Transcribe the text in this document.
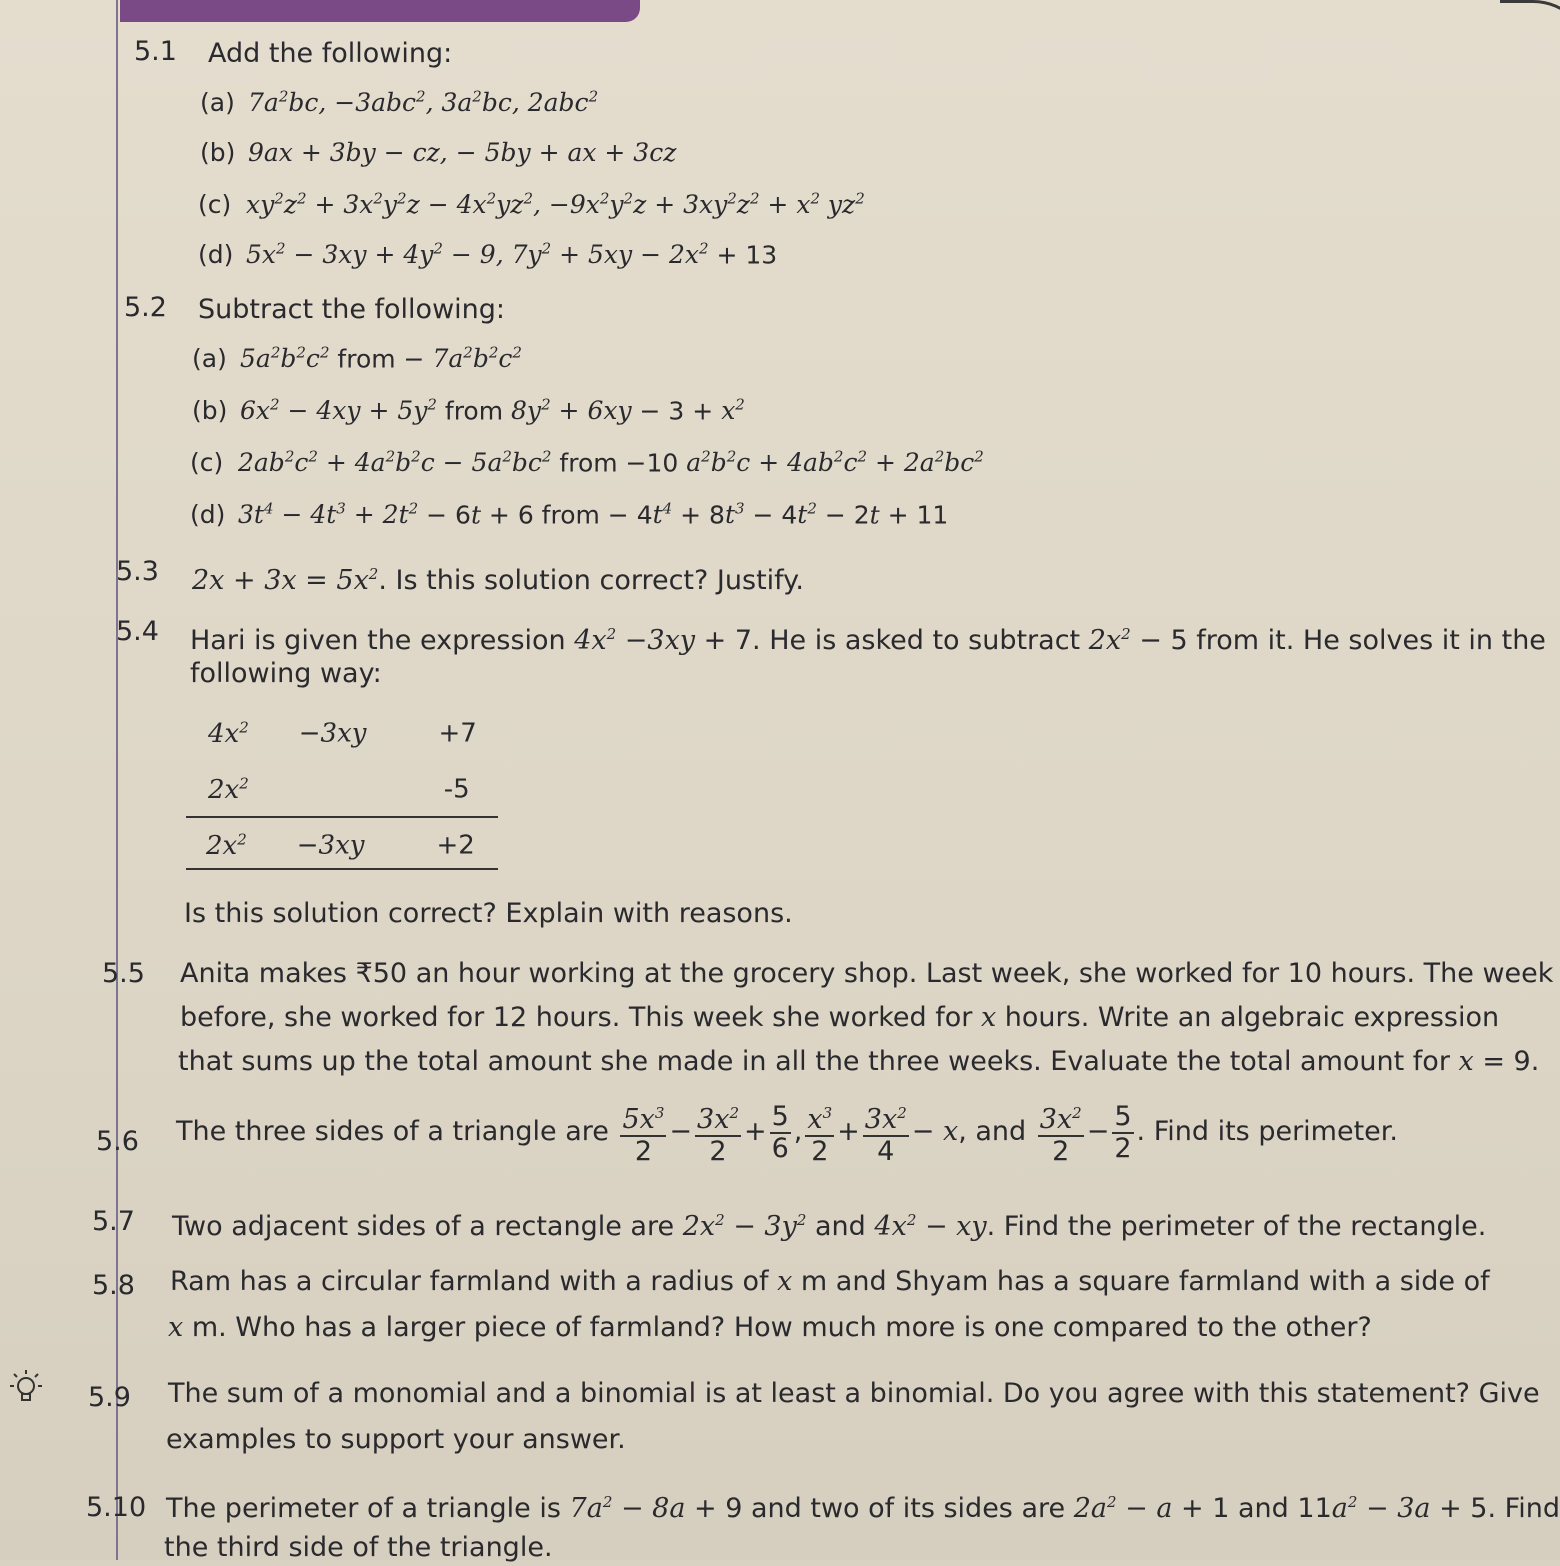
5.1 Add the following:
(a) $7a^2bc$, −3abc$^2$, $3a^2bc$, 2abc$^2$
(b) 9ax + 3by − cz, − 5by + ax + 3cz
(c) $xy^2z^2 + 3x^2y^2z - 4x^2yz^2$, $-9x^2y^2z + 3xy^2z^2 + x^2$ $yz^2$
(d) $5x^2 - 3xy + 4y^2 - 9$, $7y^2 + 5xy - 2x^2 + 13$
5.2 Subtract the following:
(a) $5a^2b^2c^2$ from − $7a^2b^2c^2$
(b) $6x^2 - 4xy + 5y^2$ from $8y^2 + 6xy - 3 + x^2$
(c) $2ab^2c^2 + 4a^2b^2c - 5a^2bc^2$ from −10 $a^2b^2c + 4ab^2c^2 + 2a^2bc^2$
(d) $3t^4 - 4t^3 + 2t^2 - 6t + 6$ from − $4t^4 + 8t^3 - 4t^2 - 2t + 11$
5.3 $2x + 3x = 5x^2$. Is this solution correct? Justify.
5.4 Hari is given the expression $4x^2 -3xy + 7$. He is asked to subtract $2x^2 - 5$ from it. He solves it in the
following way:
$4x^2 -3xy$	+7
$2x^2$	-5
$2x^2 -3xy$	+2
Is this solution correct? Explain with reasons.
5.5 Anita makes ₹50 an hour working at the grocery shop. Last week, she worked for 10 hours. The week
before, she worked for 12 hours. This week she worked for x hours. Write an algebraic expression
that sums up the total amount she made in all the three weeks. Evaluate the total amount for x = 9.
5.6 The three sides of a triangle are $\frac{5x^3}{2} - \frac{3x^2}{2} + \frac{5}{6}$ , $\frac{x^3}{2} + \frac{3x^2}{4} - x$, and $\frac{3x^2}{2} - \frac{5}{2}$ . Find its perimeter.
5.7 Two adjacent sides of a rectangle are $2x^2 - 3y^2$ and $4x^2$ − xy. Find the perimeter of the rectangle.
5.8 Ram has a circular farmland with a radius of x m and Shyam has a square farmland with a side of
x m. Who has a larger piece of farmland? How much more is one compared to the other?
5.9 The sum of a monomial and a binomial is at least a binomial. Do you agree with this statement? Give
examples to support your answer.
5.10 The perimeter of a triangle is $7a^2 - 8a + 9$ and two of its sides are $2a^2 - a + 1$ and $11a^2 - 3a + 5$. Find
the third side of the triangle.
